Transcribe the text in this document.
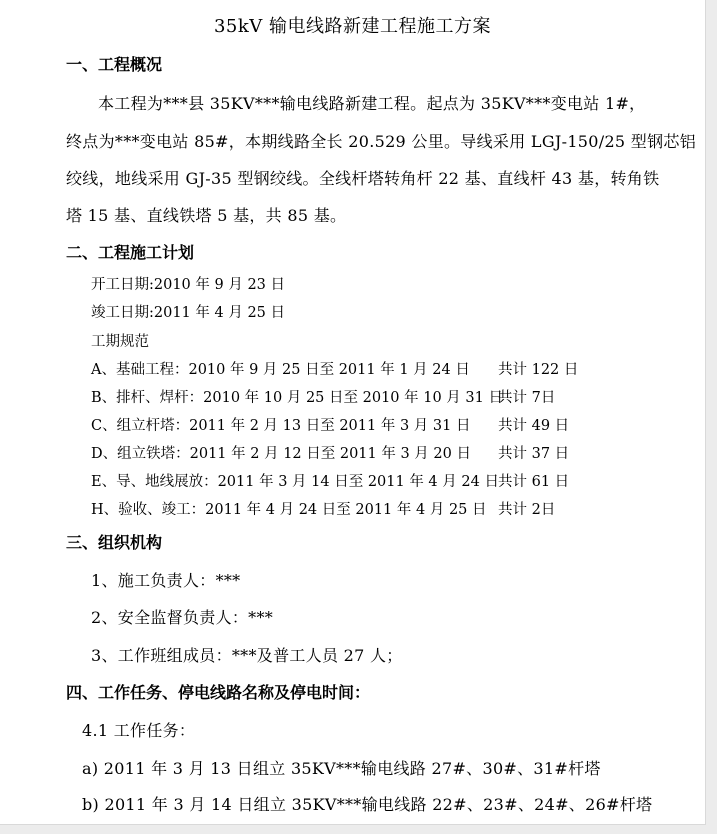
35kV 输电线路新建工程施工方案
一、工程概况
本工程为***县 35KV***输电线路新建工程。起点为 35KV***变电站 1#，
终点为***变电站 85#，本期线路全长 20.529 公里。导线采用 LGJ-150/25 型钢芯铝
绞线，地线采用 GJ-35 型钢绞线。全线杆塔转角杆 22 基、直线杆 43 基，转角铁
塔 15 基、直线铁塔 5 基，共 85 基。
二、工程施工计划
开工日期:2010 年 9 月 23 日
竣工日期:2011 年 4 月 25 日
工期规范
A、基础工程：2010 年 9 月 25 日至 2011 年 1 月 24 日 共计 122 日
B、排杆、焊杆：2010 年 10 月 25 日至 2010 年 10 月 31 日
共计 7日
C、组立杆塔：2011 年 2 月 13 日至 2011 年 3 月 31 日 共计 49 日
D、组立铁塔：2011 年 2 月 12 日至 2011 年 3 月 20 日 共计 37 日
E、导、地线展放：2011 年 3 月 14 日至 2011 年 4 月 24 日 共计 61 日
H、验收、竣工：2011 年 4 月 24 日至 2011 年 4 月 25 日 共计 2日
三、组织机构
1、施工负责人：***
2、安全监督负责人：***
3、工作班组成员：***及普工人员 27 人；
四、工作任务、停电线路名称及停电时间：
4.1 工作任务：
a) 2011 年 3 月 13 日组立 35KV***输电线路 27#、30#、31#杆塔
b) 2011 年 3 月 14 日组立 35KV***输电线路 22#、23#、24#、26#杆塔
